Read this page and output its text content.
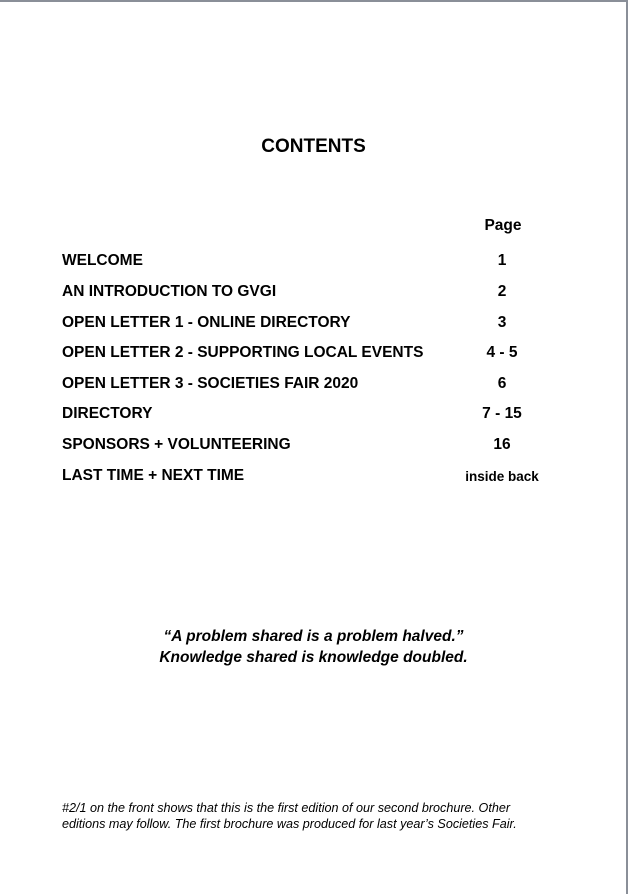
CONTENTS
Page
WELCOME	1
AN INTRODUCTION TO GVGI	2
OPEN LETTER 1 - ONLINE DIRECTORY	3
OPEN LETTER 2 - SUPPORTING LOCAL EVENTS	4 - 5
OPEN LETTER 3 - SOCIETIES FAIR 2020	6
DIRECTORY	7 - 15
SPONSORS + VOLUNTEERING	16
LAST TIME + NEXT TIME	inside back
“A problem shared is a problem halved.”
Knowledge shared is knowledge doubled.
#2/1 on the front shows that this is the first edition of our second brochure. Other
editions may follow. The first brochure was produced for last year’s Societies Fair.
